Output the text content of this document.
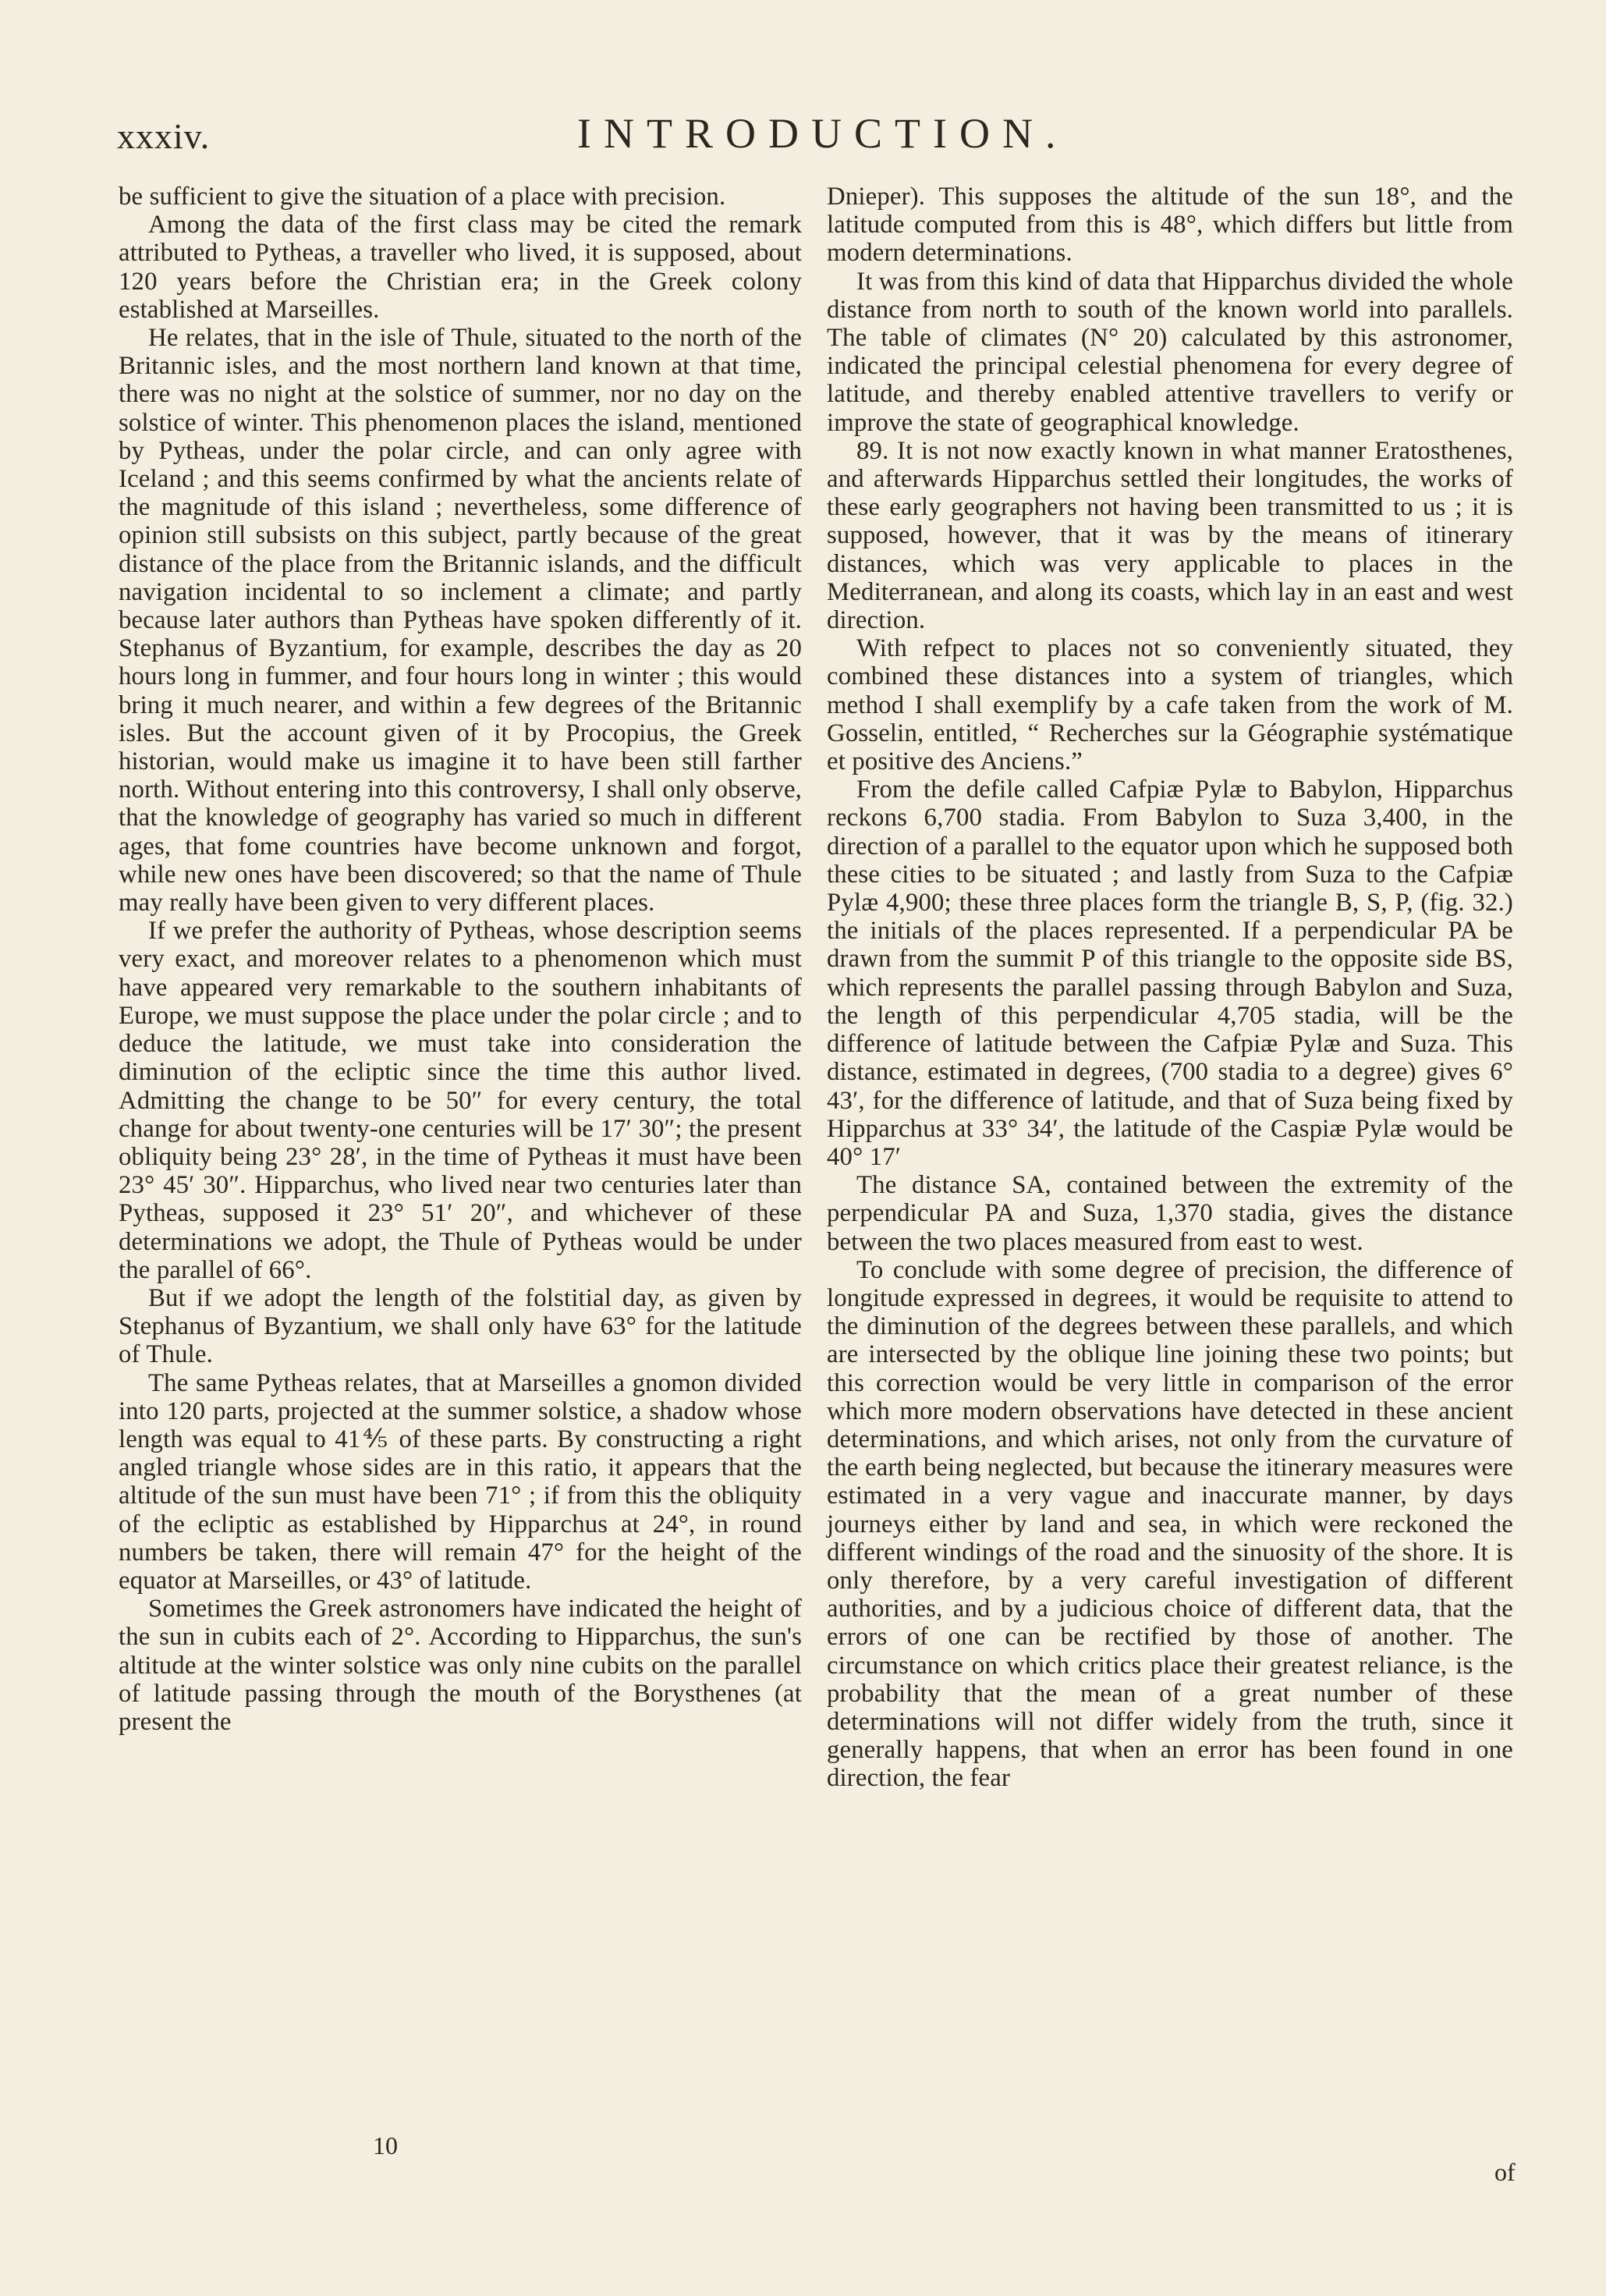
xxxiv.	INTRODUCTION.

be sufficient to give the situation of a place with precision.

Among the data of the first class may be cited the remark attributed to Pytheas, a traveller who lived, it is supposed, about 120 years before the Christian era; in the Greek colony established at Marseilles.

He relates, that in the isle of Thule, situated to the north of the Britannic isles, and the most northern land known at that time, there was no night at the solstice of summer, nor no day on the solstice of winter. This phenomenon places the island, mentioned by Pytheas, under the polar circle, and can only agree with Iceland ; and this seems confirmed by what the ancients relate of the magnitude of this island ; nevertheless, some difference of opinion still subsists on this subject, partly because of the great distance of the place from the Britannic islands, and the difficult navigation incidental to so inclement a climate; and partly because later authors than Pytheas have spoken differently of it. Stephanus of Byzantium, for example, describes the day as 20 hours long in fummer, and four hours long in winter ; this would bring it much nearer, and within a few degrees of the Britannic isles. But the account given of it by Procopius, the Greek historian, would make us imagine it to have been still farther north. Without entering into this controversy, I shall only observe, that the knowledge of geography has varied so much in different ages, that fome countries have become unknown and forgot, while new ones have been discovered; so that the name of Thule may really have been given to very different places.

If we prefer the authority of Pytheas, whose description seems very exact, and moreover relates to a phenomenon which must have appeared very remarkable to the southern inhabitants of Europe, we must suppose the place under the polar circle ; and to deduce the latitude, we must take into consideration the diminution of the ecliptic since the time this author lived. Admitting the change to be 50″ for every century, the total change for about twenty-one centuries will be 17′ 30″; the present obliquity being 23° 28′, in the time of Pytheas it must have been 23° 45′ 30″. Hipparchus, who lived near two centuries later than Pytheas, supposed it 23° 51′ 20″, and whichever of these determinations we adopt, the Thule of Pytheas would be under the parallel of 66°.

But if we adopt the length of the folstitial day, as given by Stephanus of Byzantium, we shall only have 63° for the latitude of Thule.

The same Pytheas relates, that at Marseilles a gnomon divided into 120 parts, projected at the summer solstice, a shadow whose length was equal to 41⅘ of these parts. By constructing a right angled triangle whose sides are in this ratio, it appears that the altitude of the sun must have been 71° ; if from this the obliquity of the ecliptic as established by Hipparchus at 24°, in round numbers be taken, there will remain 47° for the height of the equator at Marseilles, or 43° of latitude.

Sometimes the Greek astronomers have indicated the height of the sun in cubits each of 2°. According to Hipparchus, the sun's altitude at the winter solstice was only nine cubits on the parallel of latitude passing through the mouth of the Borysthenes (at present the

Dnieper). This supposes the altitude of the sun 18°, and the latitude computed from this is 48°, which differs but little from modern determinations.

It was from this kind of data that Hipparchus divided the whole distance from north to south of the known world into parallels. The table of climates (N° 20) calculated by this astronomer, indicated the principal celestial phenomena for every degree of latitude, and thereby enabled attentive travellers to verify or improve the state of geographical knowledge.

89. It is not now exactly known in what manner Eratosthenes, and afterwards Hipparchus settled their longitudes, the works of these early geographers not having been transmitted to us ; it is supposed, however, that it was by the means of itinerary distances, which was very applicable to places in the Mediterranean, and along its coasts, which lay in an east and west direction.

With refpect to places not so conveniently situated, they combined these distances into a system of triangles, which method I shall exemplify by a cafe taken from the work of M. Gosselin, entitled, “ Recherches sur la Géographie systématique et positive des Anciens.”

From the defile called Cafpiæ Pylæ to Babylon, Hipparchus reckons 6,700 stadia. From Babylon to Suza 3,400, in the direction of a parallel to the equator upon which he supposed both these cities to be situated ; and lastly from Suza to the Cafpiæ Pylæ 4,900; these three places form the triangle B, S, P, (fig. 32.) the initials of the places represented. If a perpendicular PA be drawn from the summit P of this triangle to the opposite side BS, which represents the parallel passing through Babylon and Suza, the length of this perpendicular 4,705 stadia, will be the difference of latitude between the Cafpiæ Pylæ and Suza. This distance, estimated in degrees, (700 stadia to a degree) gives 6° 43′, for the difference of latitude, and that of Suza being fixed by Hipparchus at 33° 34′, the latitude of the Caspiæ Pylæ would be 40° 17′

The distance SA, contained between the extremity of the perpendicular PA and Suza, 1,370 stadia, gives the distance between the two places measured from east to west.

To conclude with some degree of precision, the difference of longitude expressed in degrees, it would be requisite to attend to the diminution of the degrees between these parallels, and which are intersected by the oblique line joining these two points; but this correction would be very little in comparison of the error which more modern observations have detected in these ancient determinations, and which arises, not only from the curvature of the earth being neglected, but because the itinerary measures were estimated in a very vague and inaccurate manner, by days journeys either by land and sea, in which were reckoned the different windings of the road and the sinuosity of the shore. It is only therefore, by a very careful investigation of different authorities, and by a judicious choice of different data, that the errors of one can be rectified by those of another. The circumstance on which critics place their greatest reliance, is the probability that the mean of a great number of these determinations will not differ widely from the truth, since it generally happens, that when an error has been found in one direction, the fear

10
of
